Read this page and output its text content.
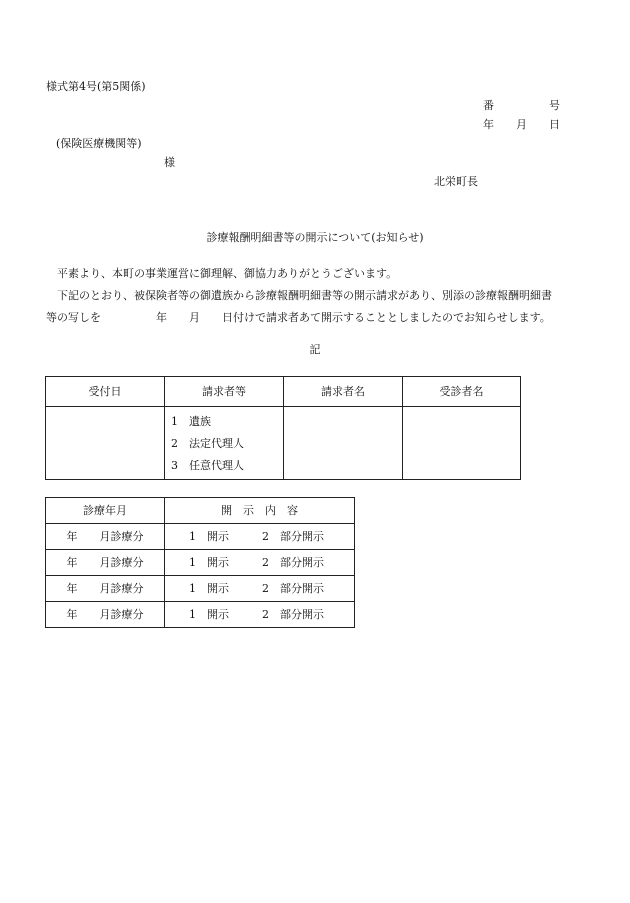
様式第4号(第5関係)
番　　　　　号
年　　月　　日
(保険医療機関等)
様
北栄町長
診療報酬明細書等の開示について(お知らせ)
平素より、本町の事業運営に御理解、御協力ありがとうございます。
下記のとおり、被保険者等の御遺族から診療報酬明細書等の開示請求があり、別添の診療報酬明細書
等の写しを　　　　　年　　月　　日付けで請求者あて開示することとしましたのでお知らせします。
記
受付日	請求者等	請求者名	受診者名

	1　遺族
2　法定代理人
3　任意代理人		

診療年月	開　示　内　容
年　　月診療分	1　開示　　　2　部分開示
年　　月診療分	1　開示　　　2　部分開示
年　　月診療分	1　開示　　　2　部分開示
年　　月診療分	1　開示　　　2　部分開示
